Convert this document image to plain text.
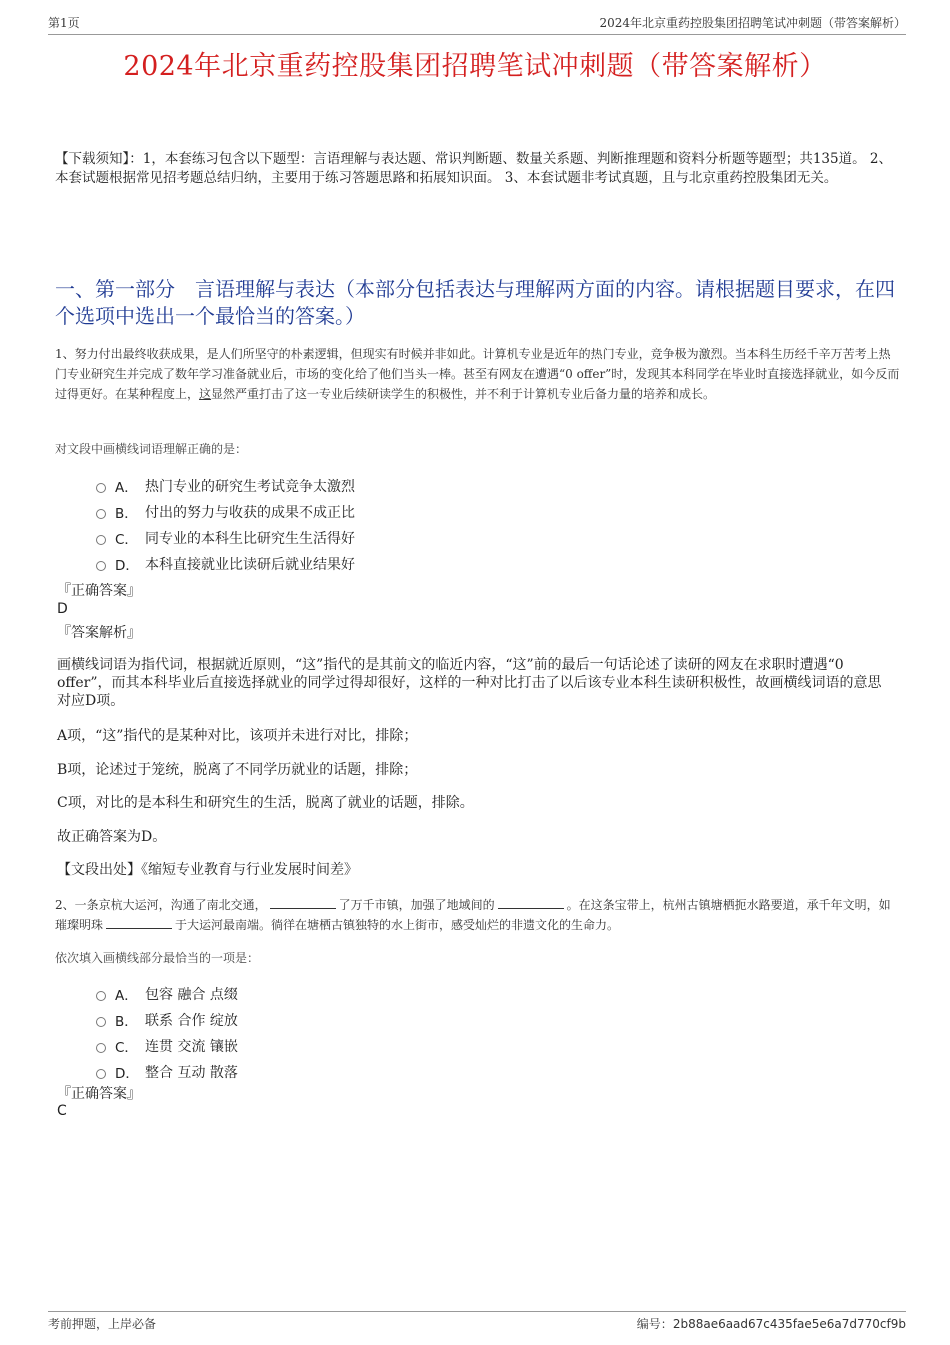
第1页	2024年北京重药控股集团招聘笔试冲刺题（带答案解析）
2024年北京重药控股集团招聘笔试冲刺题（带答案解析）
【下载须知】：1，本套练习包含以下题型：言语理解与表达题、常识判断题、数量关系题、判断推理题和资料分析题等题型；共135道。 2、本套试题根据常见招考题总结归纳，主要用于练习答题思路和拓展知识面。 3、本套试题非考试真题，且与北京重药控股集团无关。
一、第一部分　言语理解与表达（本部分包括表达与理解两方面的内容。请根据题目要求，在四个选项中选出一个最恰当的答案。）
1、努力付出最终收获成果，是人们所坚守的朴素逻辑，但现实有时候并非如此。计算机专业是近年的热门专业，竞争极为激烈。当本科生历经千辛万苦考上热门专业研究生并完成了数年学习准备就业后，市场的变化给了他们当头一棒。甚至有网友在遭遇“0 offer”时，发现其本科同学在毕业时直接选择就业，如今反而过得更好。在某种程度上，这显然严重打击了这一专业后续研读学生的积极性，并不利于计算机专业后备力量的培养和成长。
对文段中画横线词语理解正确的是：
A． 热门专业的研究生考试竞争太激烈
B． 付出的努力与收获的成果不成正比
C． 同专业的本科生比研究生生活得好
D． 本科直接就业比读研后就业结果好
『正确答案』
D
『答案解析』
画横线词语为指代词，根据就近原则，“这”指代的是其前文的临近内容，“这”前的最后一句话论述了读研的网友在求职时遭遇“0 offer”，而其本科毕业后直接选择就业的同学过得却很好，这样的一种对比打击了以后该专业本科生读研积极性，故画横线词语的意思对应D项。
A项，“这”指代的是某种对比，该项并未进行对比，排除；
B项，论述过于笼统，脱离了不同学历就业的话题，排除；
C项，对比的是本科生和研究生的生活，脱离了就业的话题，排除。
故正确答案为D。
【文段出处】《缩短专业教育与行业发展时间差》
2、一条京杭大运河，沟通了南北交通，	了万千市镇，加强了地域间的	。在这条宝带上，杭州古镇塘栖扼水路要道，承千年文明，如璀璨明珠	于大运河最南端。徜徉在塘栖古镇独特的水上街市，感受灿烂的非遗文化的生命力。
依次填入画横线部分最恰当的一项是：
A． 包容 融合 点缀
B． 联系 合作 绽放
C． 连贯 交流 镶嵌
D． 整合 互动 散落
『正确答案』
C
考前押题，上岸必备	编号：2b88ae6aad67c435fae5e6a7d770cf9b
